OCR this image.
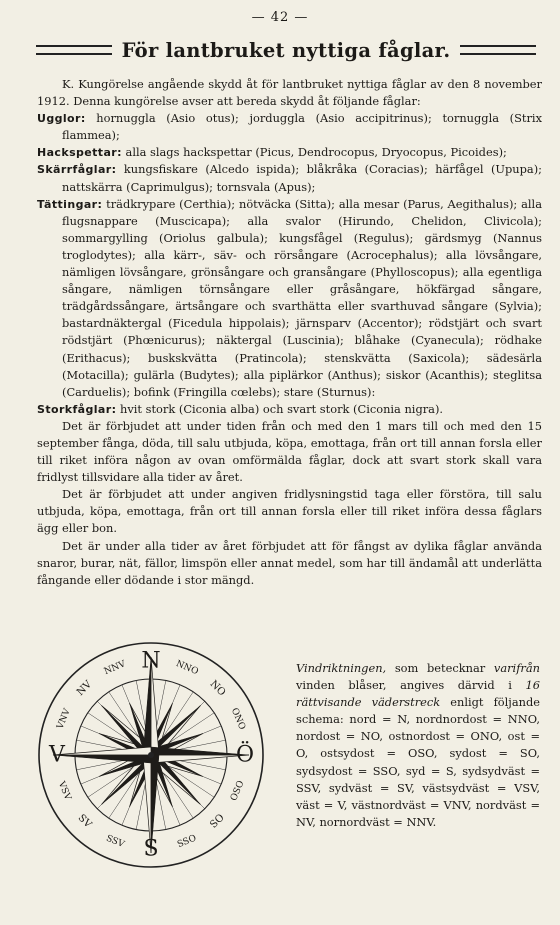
— 42 —
För lantbruket nyttiga fåglar.

K. Kungörelse angående skydd åt för lantbruket nyttiga fåglar av den 8 november 1912. Denna kungörelse avser att bereda skydd åt följande fåglar:

Ugglor: hornuggla (Asio otus); jorduggla (Asio accipitrinus); tornuggla (Strix flammea);

Hackspettar: alla slags hackspettar (Picus, Dendrocopus, Dryocopus, Picoides);

Skärrfåglar: kungsfiskare (Alcedo ispida); blåkråka (Coracias); härfågel (Upupa); nattskärra (Caprimulgus); tornsvala (Apus);

Tättingar: trädkrypare (Certhia); nötväcka (Sitta); alla mesar (Parus, Aegithalus); alla flugsnappare (Muscicapa); alla svalor (Hirundo, Chelidon, Clivicola); sommargylling (Oriolus galbula); kungsfågel (Regulus); gärdsmyg (Nannus troglodytes); alla kärr-, säv- och rörsångare (Acrocephalus); alla lövsångare, nämligen lövsångare, grönsångare och gransångare (Phylloscopus); alla egentliga sångare, nämligen törnsångare eller gråsångare, hökfärgad sångare, trädgårdssångare, ärtsångare och svarthätta eller svarthuvad sångare (Sylvia); bastardnäktergal (Ficedula hippolais); järnsparv (Accentor); rödstjärt och svart rödstjärt (Phœnicurus); näktergal (Luscinia); blåhake (Cyanecula); rödhake (Erithacus); buskskvätta (Pratincola); stenskvätta (Saxicola); sädesärla (Motacilla); gulärla (Budytes); alla piplärkor (Anthus); siskor (Acanthis); steglitsa (Carduelis); bofink (Fringilla cœlebs); stare (Sturnus):

Storkfåglar: hvit stork (Ciconia alba) och svart stork (Ciconia nigra).

Det är förbjudet att under tiden från och med den 1 mars till och med den 15 september fånga, döda, till salu utbjuda, köpa, emottaga, från ort till annan forsla eller till riket införa någon av ovan omförmälda fåglar, dock att svart stork skall vara fridlyst tillsvidare alla tider av året.

Det är förbjudet att under angiven fridlysningstid taga eller förstöra, till salu utbjuda, köpa, emottaga, från ort till annan forsla eller till riket införa dessa fåglars ägg eller bon.

Det är under alla tider av året förbjudet att för fångst av dylika fåglar använda snaror, burar, nät, fällor, limspön eller annat medel, som har till ändamål att underlätta fångande eller dödande i stor mängd.

N
Ö
S
V
NO
SO
SV
NV
NNO
ONO
OSO
SSO
SSV
VSV
VNV
NNV	Vindriktningen, som betecknar varifrån vinden blåser, angives därvid i 16 rättvisande väderstreck enligt följande schema: nord = N, nordnordost = NNO, nordost = NO, ostnordost = ONO, ost = O, ostsydost = OSO, sydost = SO, sydsydost = SSO, syd = S, sydsydväst = SSV, sydväst = SV, västsydväst = VSV, väst = V, västnordväst = VNV, nordväst = NV, nornordväst = NNV.
